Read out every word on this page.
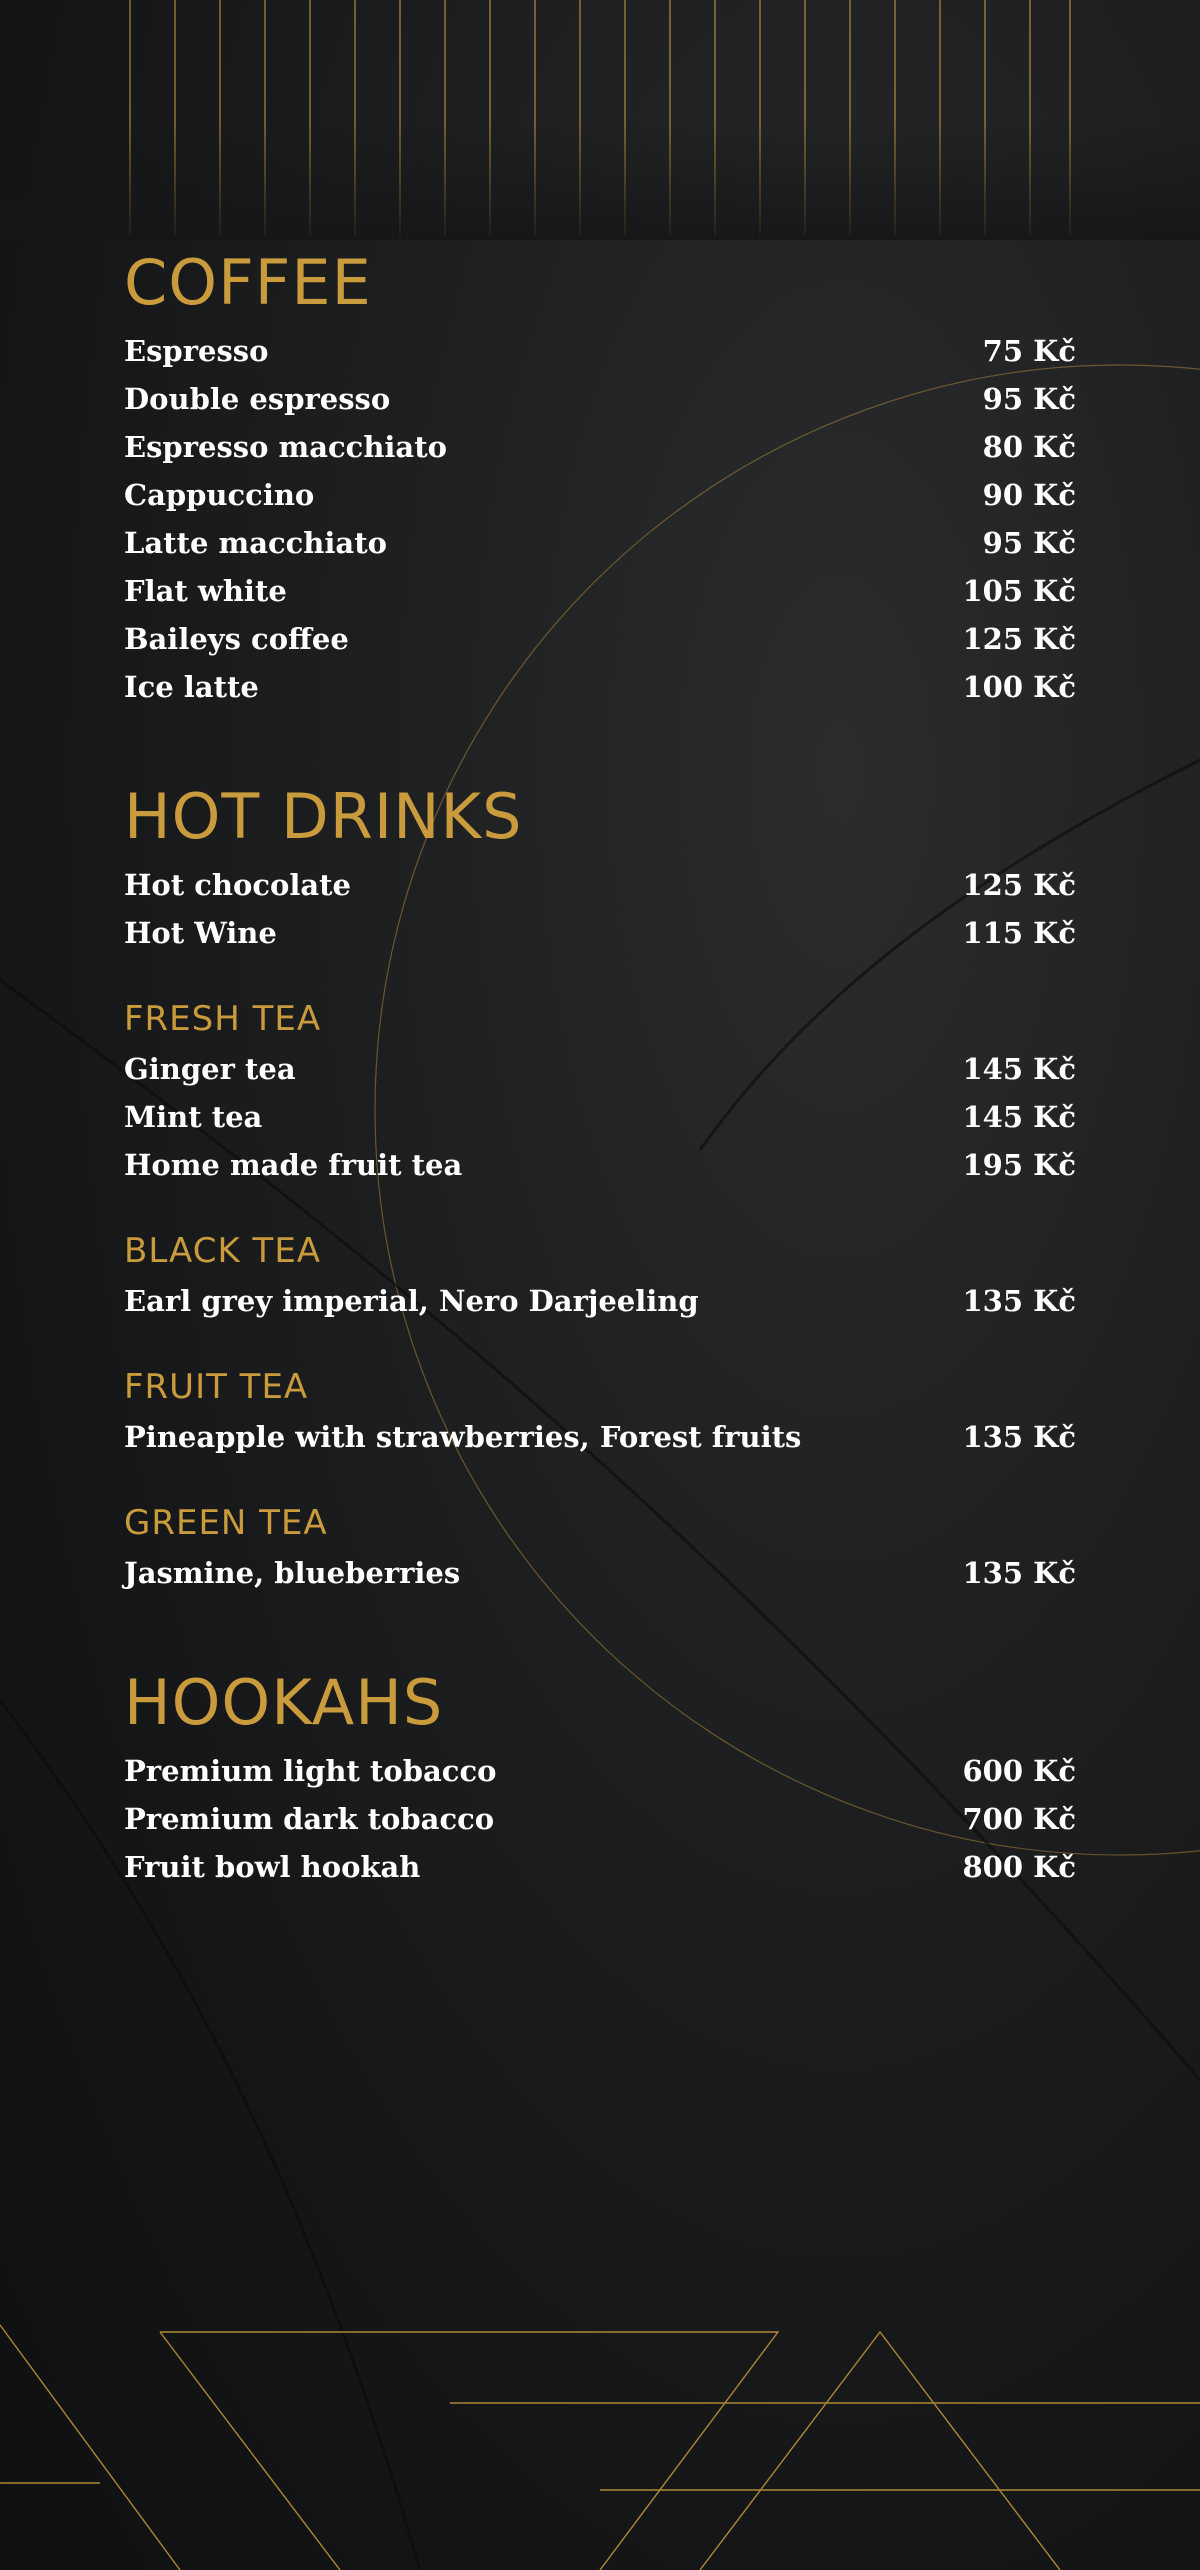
COFFEE
Espresso	75 Kč
Double espresso	95 Kč
Espresso macchiato	80 Kč
Cappuccino	90 Kč
Latte macchiato	95 Kč
Flat white	105 Kč
Baileys coffee	125 Kč
Ice latte	100 Kč
HOT DRINKS
Hot chocolate	125 Kč
Hot Wine	115 Kč
FRESH TEA
Ginger tea	145 Kč
Mint tea	145 Kč
Home made fruit tea	195 Kč
BLACK TEA
Earl grey imperial, Nero Darjeeling	135 Kč
FRUIT TEA
Pineapple with strawberries, Forest fruits	135 Kč
GREEN TEA
Jasmine, blueberries	135 Kč
HOOKAHS
Premium light tobacco	600 Kč
Premium dark tobacco	700 Kč
Fruit bowl hookah	800 Kč
